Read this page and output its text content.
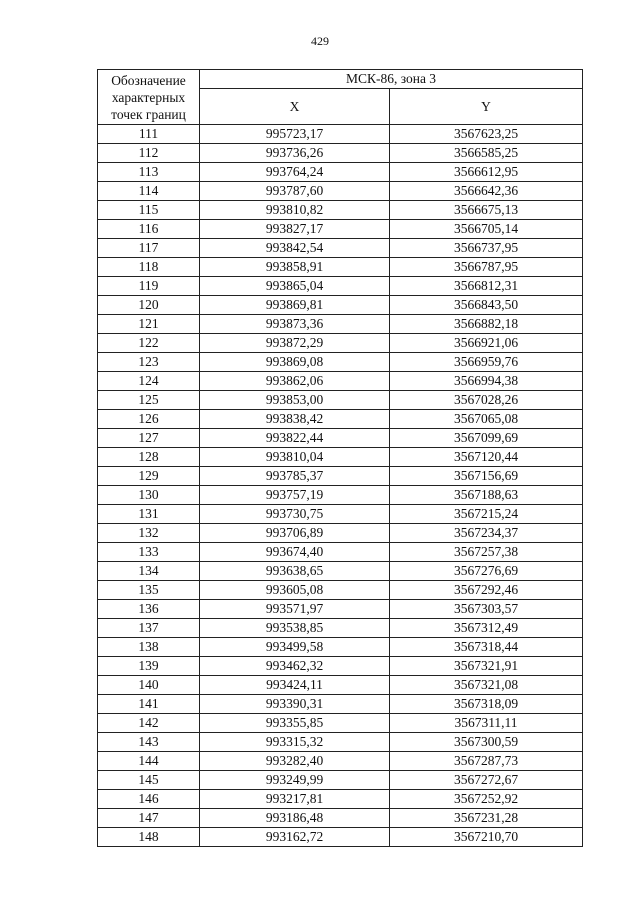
429
Обозначение характерных точек границ	МСК-86, зона 3	
	X	Y
111	995723,17	3567623,25
112	993736,26	3566585,25
113	993764,24	3566612,95
114	993787,60	3566642,36
115	993810,82	3566675,13
116	993827,17	3566705,14
117	993842,54	3566737,95
118	993858,91	3566787,95
119	993865,04	3566812,31
120	993869,81	3566843,50
121	993873,36	3566882,18
122	993872,29	3566921,06
123	993869,08	3566959,76
124	993862,06	3566994,38
125	993853,00	3567028,26
126	993838,42	3567065,08
127	993822,44	3567099,69
128	993810,04	3567120,44
129	993785,37	3567156,69
130	993757,19	3567188,63
131	993730,75	3567215,24
132	993706,89	3567234,37
133	993674,40	3567257,38
134	993638,65	3567276,69
135	993605,08	3567292,46
136	993571,97	3567303,57
137	993538,85	3567312,49
138	993499,58	3567318,44
139	993462,32	3567321,91
140	993424,11	3567321,08
141	993390,31	3567318,09
142	993355,85	3567311,11
143	993315,32	3567300,59
144	993282,40	3567287,73
145	993249,99	3567272,67
146	993217,81	3567252,92
147	993186,48	3567231,28
148	993162,72	3567210,70
